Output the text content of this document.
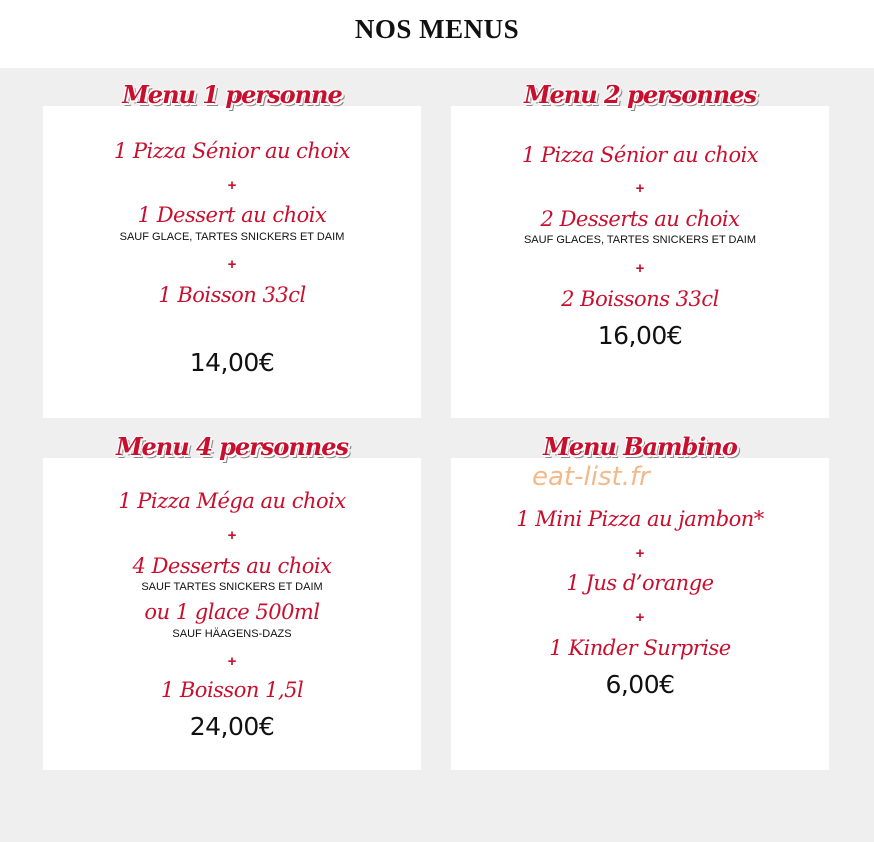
NOS MENUS
Menu 1 personne
1 Pizza Sénior au choix
+
1 Dessert au choix
SAUF GLACE, TARTES SNICKERS ET DAIM
+
1 Boisson 33cl
14,00€
Menu 2 personnes
1 Pizza Sénior au choix
+
2 Desserts au choix
SAUF GLACES, TARTES SNICKERS ET DAIM
+
2 Boissons 33cl
16,00€
Menu 4 personnes
1 Pizza Méga au choix
+
4 Desserts au choix
SAUF TARTES SNICKERS ET DAIM
ou 1 glace 500ml
SAUF HÄAGENS-DAZS
+
1 Boisson 1,5l
24,00€
Menu Bambino
1 Mini Pizza au jambon*
+
1 Jus d’orange
+
1 Kinder Surprise
6,00€
eat-list.fr
